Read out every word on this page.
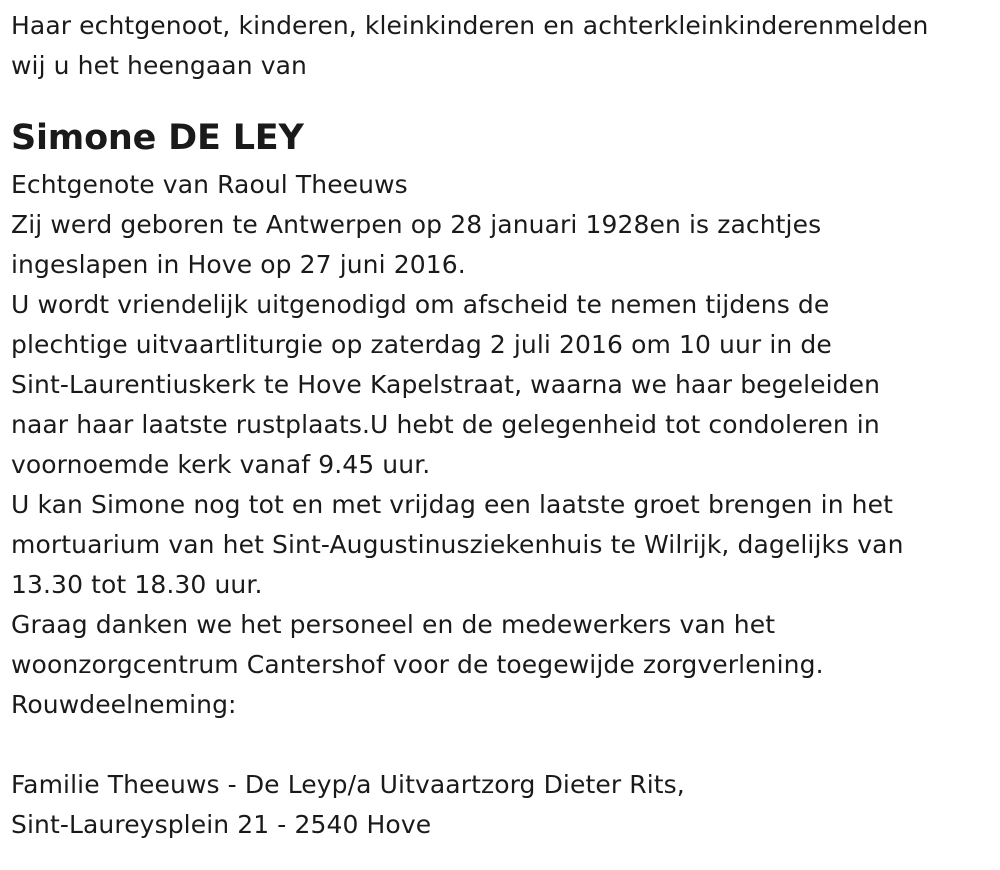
Haar echtgenoot, kinderen, kleinkinderen en achterkleinkinderenmelden
wij u het heengaan van
Simone DE LEY
Echtgenote van Raoul Theeuws
Zij werd geboren te Antwerpen op 28 januari 1928en is zachtjes
ingeslapen in Hove op 27 juni 2016.
U wordt vriendelijk uitgenodigd om afscheid te nemen tijdens de
plechtige uitvaartliturgie op zaterdag 2 juli 2016 om 10 uur in de
Sint-Laurentiuskerk te Hove Kapelstraat, waarna we haar begeleiden
naar haar laatste rustplaats.U hebt de gelegenheid tot condoleren in
voornoemde kerk vanaf 9.45 uur.
U kan Simone nog tot en met vrijdag een laatste groet brengen in het
mortuarium van het Sint-Augustinusziekenhuis te Wilrijk, dagelijks van
13.30 tot 18.30 uur.
Graag danken we het personeel en de medewerkers van het
woonzorgcentrum Cantershof voor de toegewijde zorgverlening.
Rouwdeelneming:
Familie Theeuws - De Leyp/a Uitvaartzorg Dieter Rits,
Sint-Laureysplein 21 - 2540 Hove
